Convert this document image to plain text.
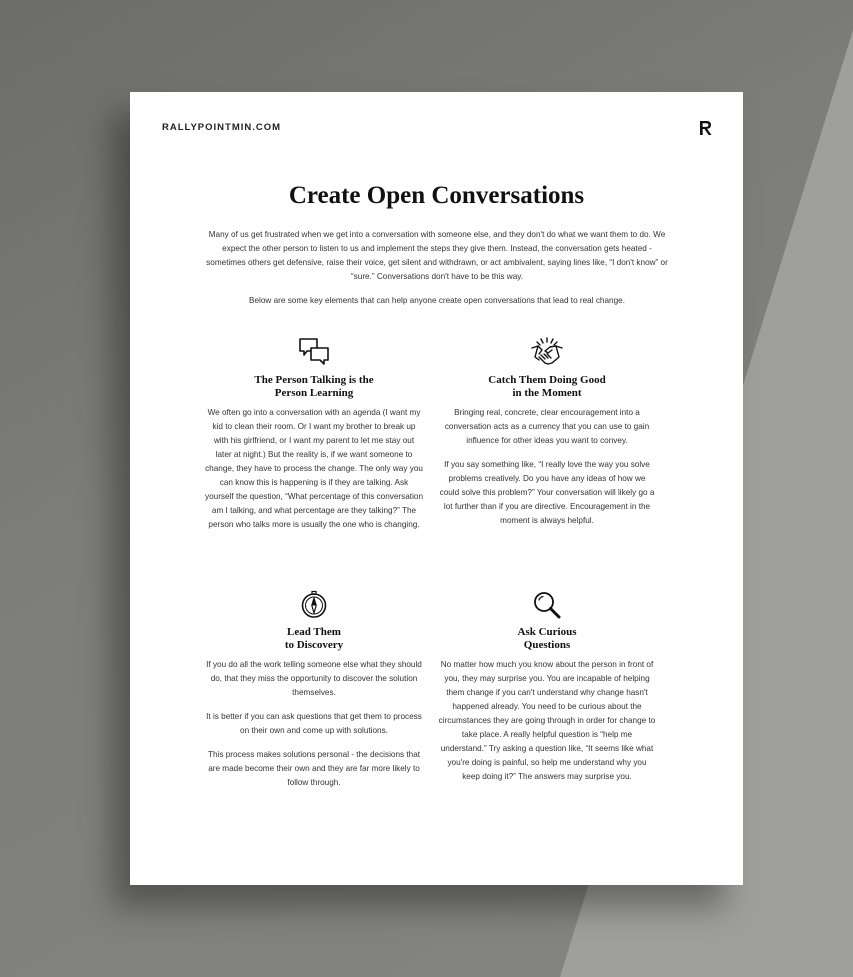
RALLYPOINTMIN.COM
Create Open Conversations

Many of us get frustrated when we get into a conversation with someone else, and they don't do what we want them to do. We expect the other person to listen to us and implement the steps they give them. Instead, the conversation gets heated - sometimes others get defensive, raise their voice, get silent and withdrawn, or act ambivalent, saying lines like, “I don't know” or “sure.” Conversations don't have to be this way.

Below are some key elements that can help anyone create open conversations that lead to real change.

The Person Talking is the
Person Learning

We often go into a conversation with an agenda (I want my kid to clean their room. Or I want my brother to break up with his girlfriend, or I want my parent to let me stay out later at night.) But the reality is, if we want someone to change, they have to process the change. The only way you can know this is happening is if they are talking. Ask yourself the question, “What percentage of this conversation am I talking, and what percentage are they talking?” The person who talks more is usually the one who is changing.

Catch Them Doing Good
in the Moment

Bringing real, concrete, clear encouragement into a conversation acts as a currency that you can use to gain influence for other ideas you want to convey.

If you say something like, “I really love the way you solve problems creatively. Do you have any ideas of how we could solve this problem?” Your conversation will likely go a lot further than if you are directive. Encouragement in the moment is always helpful.

Lead Them
to Discovery

If you do all the work telling someone else what they should do, that they miss the opportunity to discover the solution themselves.

It is better if you can ask questions that get them to process on their own and come up with solutions.

This process makes solutions personal - the decisions that are made become their own and they are far more likely to follow through.

Ask Curious
Questions

No matter how much you know about the person in front of you, they may surprise you. You are incapable of helping them change if you can't understand why change hasn't happened already. You need to be curious about the circumstances they are going through in order for change to take place. A really helpful question is “help me understand.” Try asking a question like, “It seems like what you're doing is painful, so help me understand why you keep doing it?” The answers may surprise you.
